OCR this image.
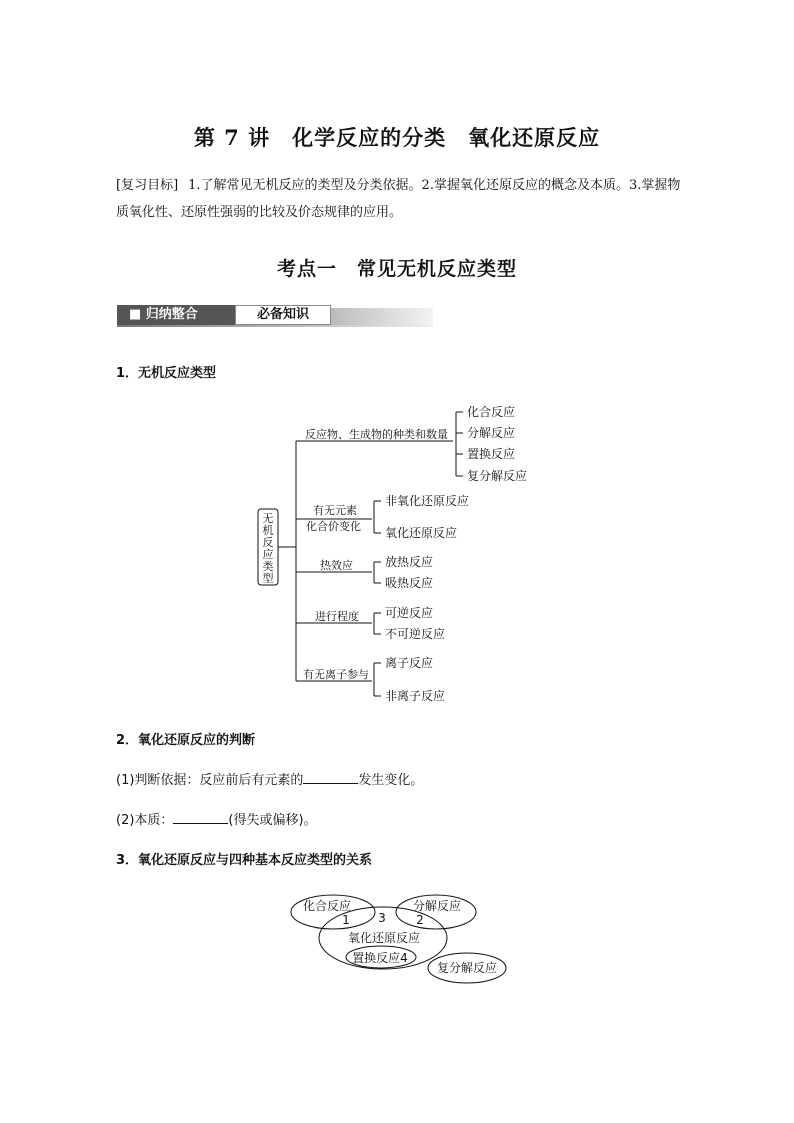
第 7 讲　化学反应的分类　氧化还原反应
[复习目标] 1.了解常见无机反应的类型及分类依据。2.掌握氧化还原反应的概念及本质。3.掌握物质氧化性、还原性强弱的比较及价态规律的应用。
考点一　常见无机反应类型
■ 归纳整合	必备知识
1．无机反应类型
无
机
反
应
类
型
反应物、生成物的种类和数量
有无元素
化合价变化
热效应
进行程度
有无离子参与
化合反应
分解反应
置换反应
复分解反应
非氧化还原反应
氧化还原反应
放热反应
吸热反应
可逆反应
不可逆反应
离子反应
非离子反应
2．氧化还原反应的判断
(1)判断依据：反应前后有元素的	发生变化。
(2)本质：	(得失或偏移)。
3．氧化还原反应与四种基本反应类型的关系
化合反应	分解反应
氧化还原反应
置换反应4
复分解反应
1	2
3
